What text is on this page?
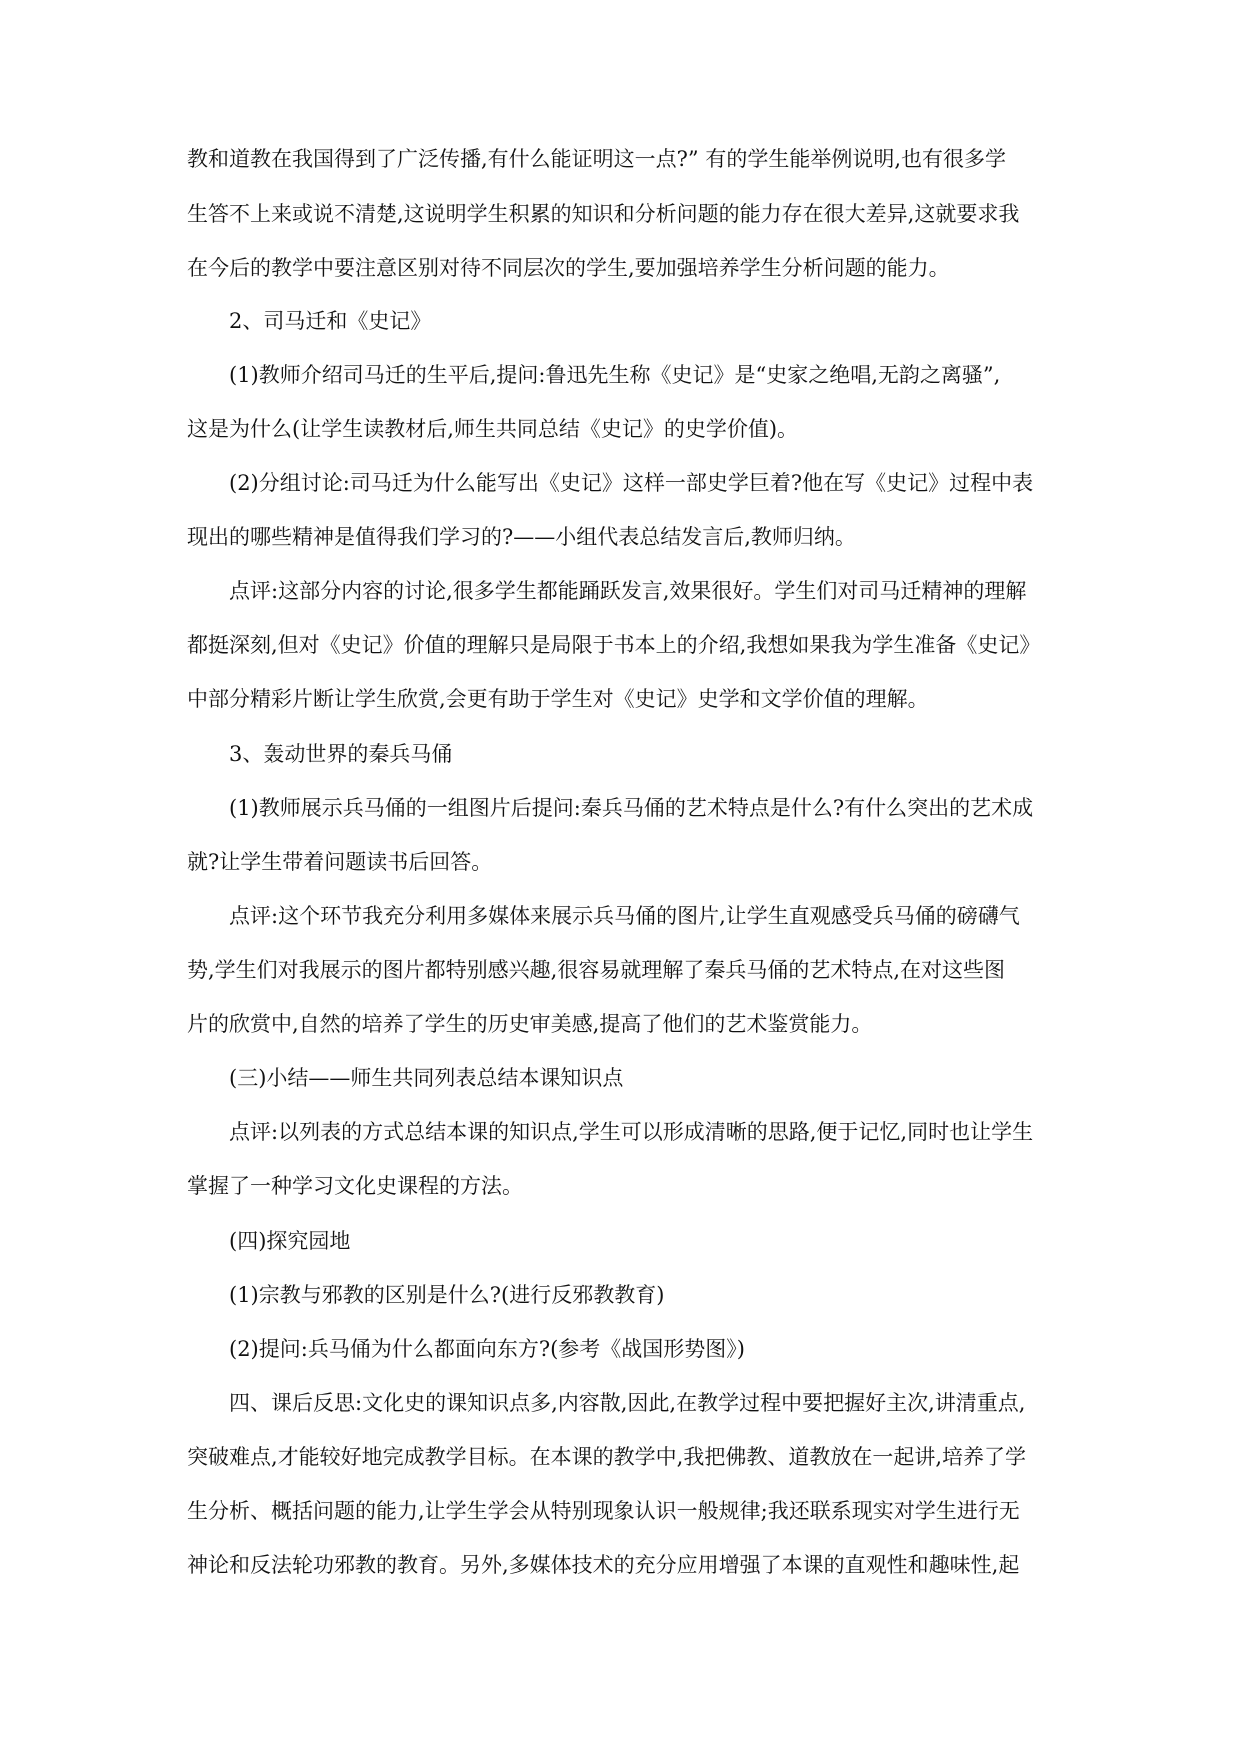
教和道教在我国得到了广泛传播,有什么能证明这一点?” 有的学生能举例说明,也有很多学

生答不上来或说不清楚,这说明学生积累的知识和分析问题的能力存在很大差异,这就要求我

在今后的教学中要注意区别对待不同层次的学生,要加强培养学生分析问题的能力。

2、司马迁和《史记》

(1)教师介绍司马迁的生平后,提问:鲁迅先生称《史记》是“史家之绝唱,无韵之离骚”,

这是为什么(让学生读教材后,师生共同总结《史记》的史学价值)。

(2)分组讨论:司马迁为什么能写出《史记》这样一部史学巨着?他在写《史记》过程中表

现出的哪些精神是值得我们学习的?——小组代表总结发言后,教师归纳。

点评:这部分内容的讨论,很多学生都能踊跃发言,效果很好。学生们对司马迁精神的理解

都挺深刻,但对《史记》价值的理解只是局限于书本上的介绍,我想如果我为学生准备《史记》

中部分精彩片断让学生欣赏,会更有助于学生对《史记》史学和文学价值的理解。

3、轰动世界的秦兵马俑

(1)教师展示兵马俑的一组图片后提问:秦兵马俑的艺术特点是什么?有什么突出的艺术成

就?让学生带着问题读书后回答。

点评:这个环节我充分利用多媒体来展示兵马俑的图片,让学生直观感受兵马俑的磅礴气

势,学生们对我展示的图片都特别感兴趣,很容易就理解了秦兵马俑的艺术特点,在对这些图

片的欣赏中,自然的培养了学生的历史审美感,提高了他们的艺术鉴赏能力。

(三)小结——师生共同列表总结本课知识点

点评:以列表的方式总结本课的知识点,学生可以形成清晰的思路,便于记忆,同时也让学生

掌握了一种学习文化史课程的方法。

(四)探究园地

(1)宗教与邪教的区别是什么?(进行反邪教教育)

(2)提问:兵马俑为什么都面向东方?(参考《战国形势图》)

四、课后反思:文化史的课知识点多,内容散,因此,在教学过程中要把握好主次,讲清重点,

突破难点,才能较好地完成教学目标。在本课的教学中,我把佛教、道教放在一起讲,培养了学

生分析、概括问题的能力,让学生学会从特别现象认识一般规律;我还联系现实对学生进行无

神论和反法轮功邪教的教育。另外,多媒体技术的充分应用增强了本课的直观性和趣味性,起
